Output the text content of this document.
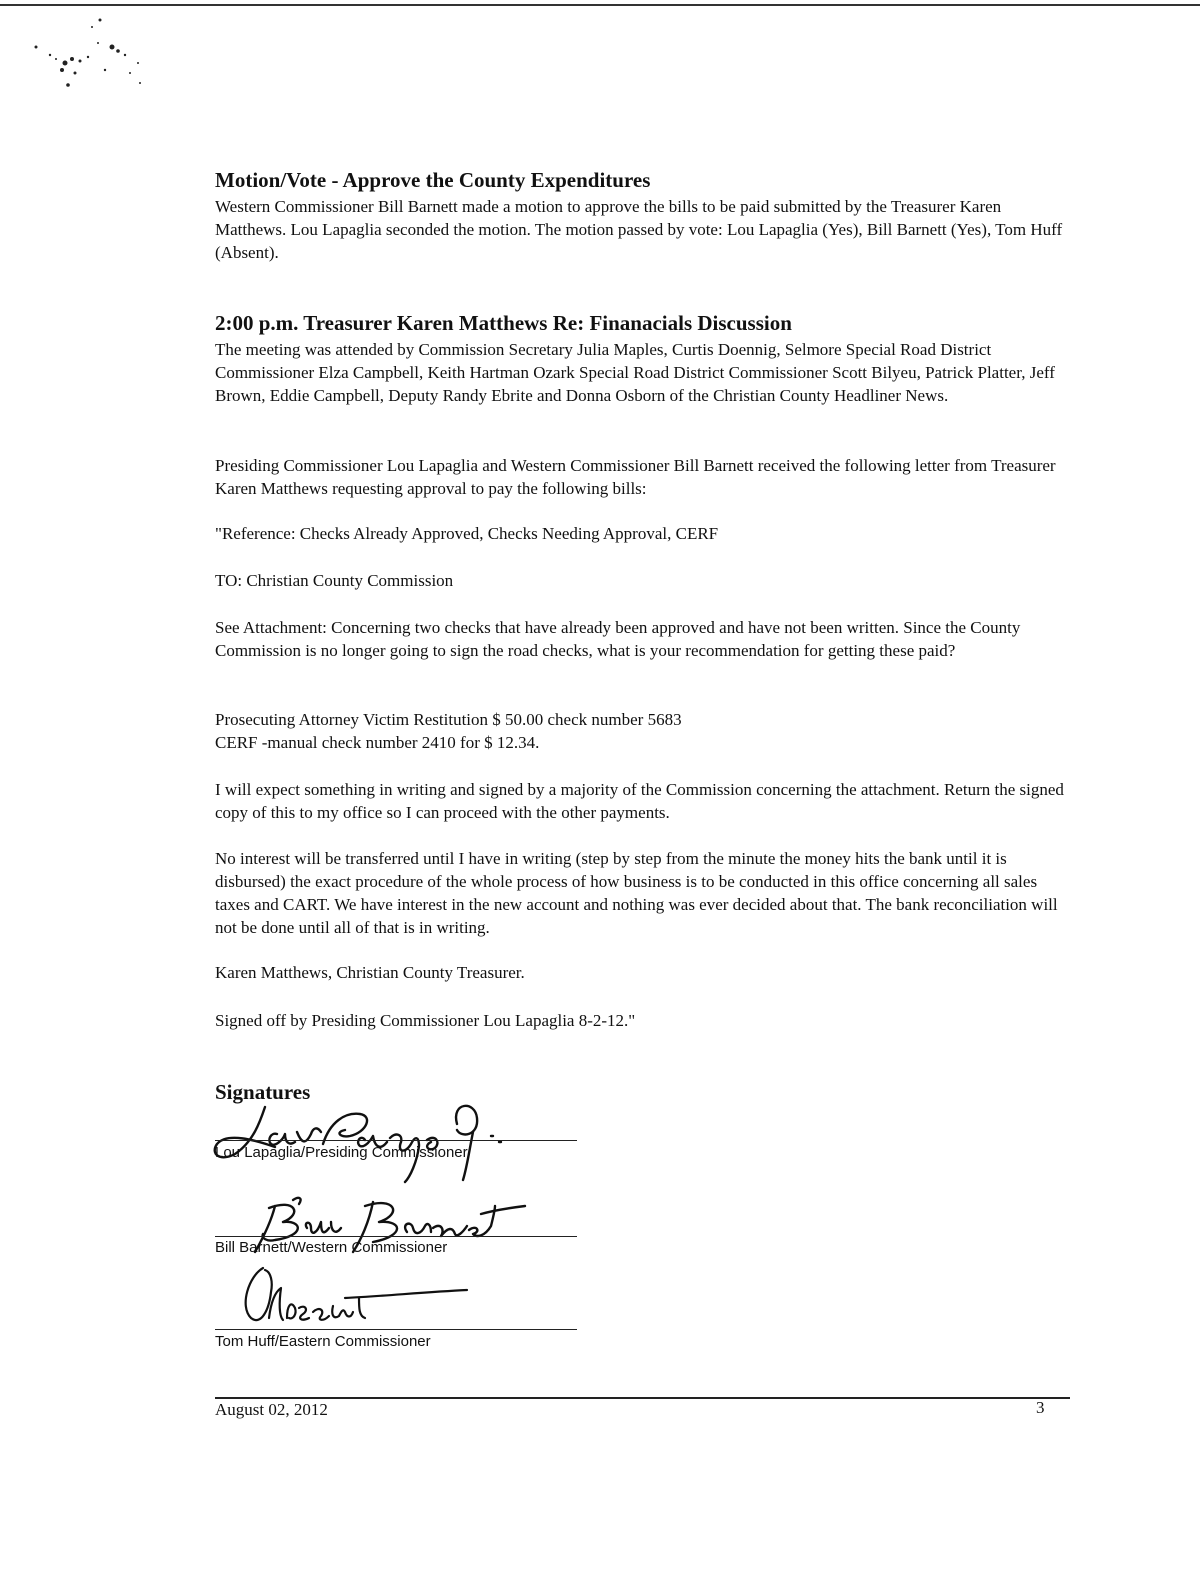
Motion/Vote - Approve the County Expenditures
Western Commissioner Bill Barnett made a motion to approve the bills to be paid submitted by the Treasurer Karen Matthews. Lou Lapaglia seconded the motion. The motion passed by vote: Lou Lapaglia (Yes), Bill Barnett (Yes), Tom Huff (Absent).
2:00 p.m. Treasurer Karen Matthews Re: Finanacials Discussion
The meeting was attended by Commission Secretary Julia Maples, Curtis Doennig, Selmore Special Road District Commissioner Elza Campbell, Keith Hartman Ozark Special Road District Commissioner Scott Bilyeu, Patrick Platter, Jeff Brown, Eddie Campbell, Deputy Randy Ebrite and Donna Osborn of the Christian County Headliner News.
Presiding Commissioner Lou Lapaglia and Western Commissioner Bill Barnett received the following letter from Treasurer Karen Matthews requesting approval to pay the following bills:
"Reference: Checks Already Approved, Checks Needing Approval, CERF
TO: Christian County Commission
See Attachment: Concerning two checks that have already been approved and have not been written. Since the County Commission is no longer going to sign the road checks, what is your recommendation for getting these paid?
Prosecuting Attorney Victim Restitution $ 50.00 check number 5683
CERF -manual check number 2410 for $ 12.34.
I will expect something in writing and signed by a majority of the Commission concerning the attachment. Return the signed copy of this to my office so I can proceed with the other payments.
No interest will be transferred until I have in writing (step by step from the minute the money hits the bank until it is disbursed) the exact procedure of the whole process of how business is to be conducted in this office concerning all sales taxes and CART. We have interest in the new account and nothing was ever decided about that. The bank reconciliation will not be done until all of that is in writing.
Karen Matthews, Christian County Treasurer.
Signed off by Presiding Commissioner Lou Lapaglia 8-2-12."
Signatures
Lou Lapaglia/Presiding Commissioner
Bill Barnett/Western Commissioner
Tom Huff/Eastern Commissioner
August 02, 2012	3
